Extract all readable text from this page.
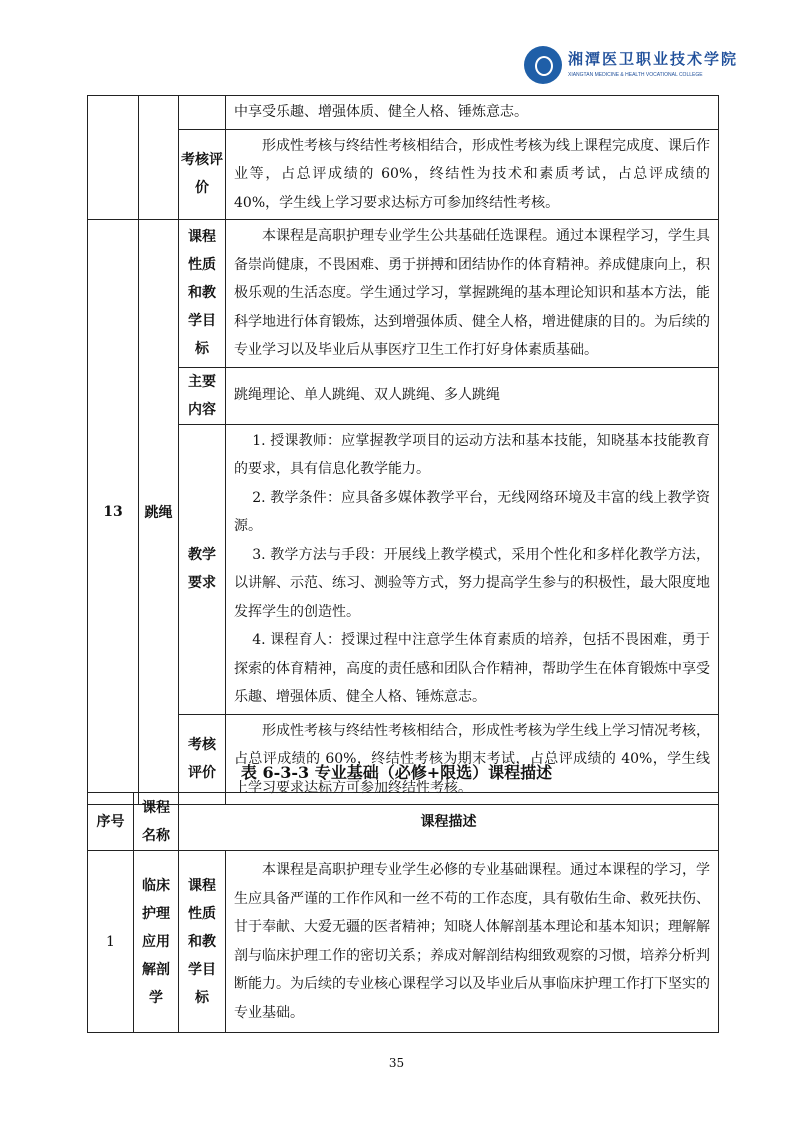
湘潭医卫职业技术学院
XIANGTAN MEDICINE & HEALTH VOCATIONAL COLLEGE
			中享受乐趣、增强体质、健全人格、锤炼意志。
		考核评价	形成性考核与终结性考核相结合，形成性考核为线上课程完成度、课后作业等，占总评成绩的 60%，终结性为技术和素质考试，占总评成绩的 40%，学生线上学习要求达标方可参加终结性考核。
13	跳绳	课程性质和教学目标	本课程是高职护理专业学生公共基础任选课程。通过本课程学习，学生具备崇尚健康，不畏困难、勇于拼搏和团结协作的体育精神。养成健康向上，积极乐观的生活态度。学生通过学习，掌握跳绳的基本理论知识和基本方法，能科学地进行体育锻炼，达到增强体质、健全人格，增进健康的目的。为后续的专业学习以及毕业后从事医疗卫生工作打好身体素质基础。
		主要内容	跳绳理论、单人跳绳、双人跳绳、多人跳绳
		教学要求	1. 授课教师：应掌握教学项目的运动方法和基本技能，知晓基本技能教育的要求，具有信息化教学能力。

2. 教学条件：应具备多媒体教学平台，无线网络环境及丰富的线上教学资源。

3. 教学方法与手段：开展线上教学模式，采用个性化和多样化教学方法，以讲解、示范、练习、测验等方式，努力提高学生参与的积极性，最大限度地发挥学生的创造性。

4. 课程育人：授课过程中注意学生体育素质的培养，包括不畏困难，勇于探索的体育精神，高度的责任感和团队合作精神，帮助学生在体育锻炼中享受乐趣、增强体质、健全人格、锤炼意志。

		考核评价	形成性考核与终结性考核相结合，形成性考核为学生线上学习情况考核，占总评成绩的 60%，终结性考核为期末考试，占总评成绩的 40%，学生线上学习要求达标方可参加终结性考核。
表 6-3-3 专业基础（必修+限选）课程描述
序号	课程名称	课程描述	
1	临床护理应用解剖学	课程性质和教学目标	本课程是高职护理专业学生必修的专业基础课程。通过本课程的学习，学生应具备严谨的工作作风和一丝不苟的工作态度，具有敬佑生命、救死扶伤、甘于奉献、大爱无疆的医者精神；知晓人体解剖基本理论和基本知识；理解解剖与临床护理工作的密切关系；养成对解剖结构细致观察的习惯，培养分析判断能力。为后续的专业核心课程学习以及毕业后从事临床护理工作打下坚实的专业基础。
35
